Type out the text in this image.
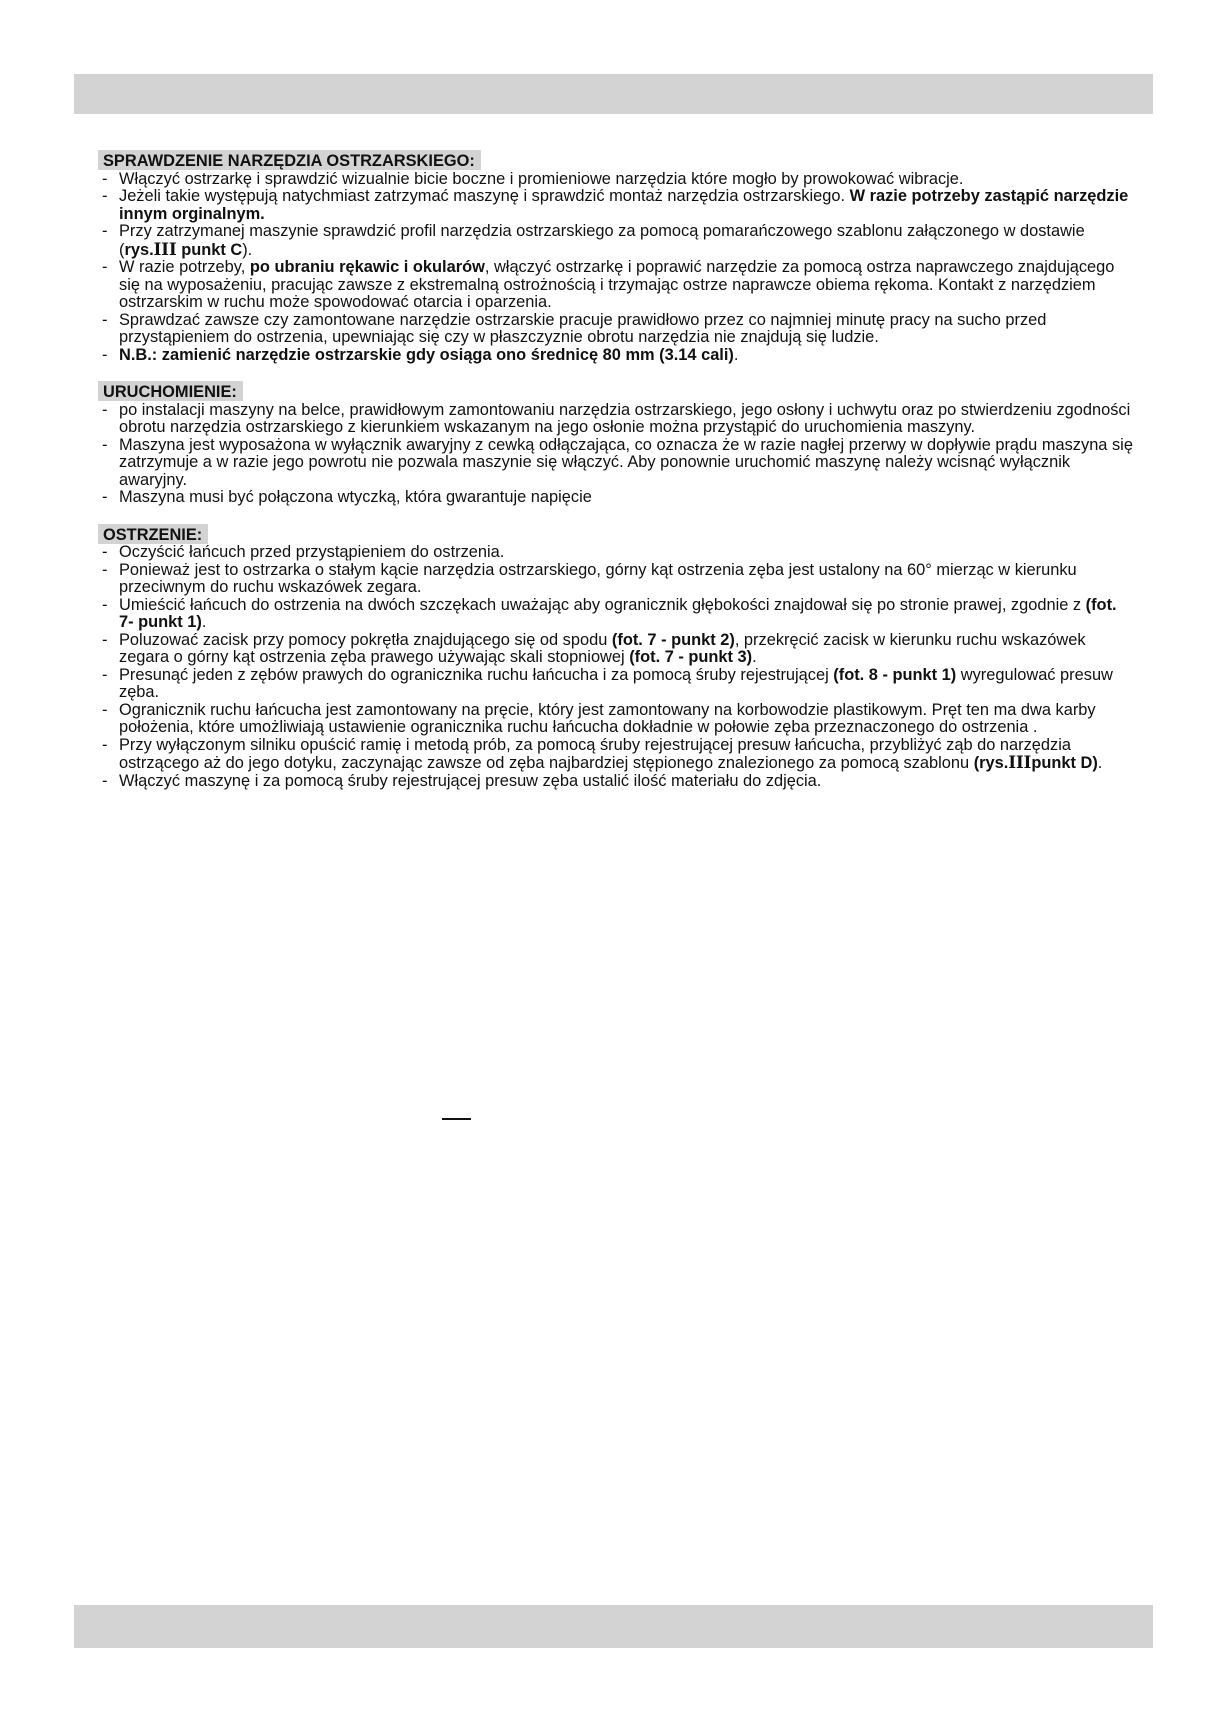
SPRAWDZENIE NARZĘDZIA OSTRZARSKIEGO:
- Włączyć ostrzarkę i sprawdzić wizualnie bicie boczne i promieniowe narzędzia które mogło by prowokować wibracje.
- Jeżeli takie występują natychmiast zatrzymać maszynę i sprawdzić montaż narzędzia ostrzarskiego. W razie potrzeby zastąpić narzędzie innym orginalnym.
- Przy zatrzymanej maszynie sprawdzić profil narzędzia ostrzarskiego za pomocą pomarańczowego szablonu załączonego w dostawie (rys.III punkt C).
- W razie potrzeby, po ubraniu rękawic i okularów, włączyć ostrzarkę i poprawić narzędzie za pomocą ostrza naprawczego znajdującego się na wyposażeniu, pracując zawsze z ekstremalną ostrożnością i trzymając ostrze naprawcze obiema rękoma. Kontakt z narzędziem ostrzarskim w ruchu może spowodować otarcia i oparzenia.
- Sprawdzać zawsze czy zamontowane narzędzie ostrzarskie pracuje prawidłowo przez co najmniej minutę pracy na sucho przed przystąpieniem do ostrzenia, upewniając się czy w płaszczyznie obrotu narzędzia nie znajdują się ludzie.
- N.B.: zamienić narzędzie ostrzarskie gdy osiąga ono średnicę 80 mm (3.14 cali).
URUCHOMIENIE:
- po instalacji maszyny na belce, prawidłowym zamontowaniu narzędzia ostrzarskiego, jego osłony i uchwytu oraz po stwierdzeniu zgodności obrotu narzędzia ostrzarskiego z kierunkiem wskazanym na jego osłonie można przystąpić do uruchomienia maszyny.
- Maszyna jest wyposażona w wyłącznik awaryjny z cewką odłączająca, co oznacza że w razie nagłej przerwy w dopływie prądu maszyna się zatrzymuje a w razie jego powrotu nie pozwala maszynie się włączyć. Aby ponownie uruchomić maszynę należy wcisnąć wyłącznik awaryjny.
- Maszyna musi być połączona wtyczką, która gwarantuje napięcie
OSTRZENIE:
- Oczyścić łańcuch przed przystąpieniem do ostrzenia.
- Ponieważ jest to ostrzarka o stałym kącie narzędzia ostrzarskiego, górny kąt ostrzenia zęba jest ustalony na 60° mierząc w kierunku przeciwnym do ruchu wskazówek zegara.
- Umieścić łańcuch do ostrzenia na dwóch szczękach uważając aby ogranicznik głębokości znajdował się po stronie prawej, zgodnie z (fot. 7- punkt 1).
- Poluzować zacisk przy pomocy pokrętła znajdującego się od spodu (fot. 7 - punkt 2), przekręcić zacisk w kierunku ruchu wskazówek zegara o górny kąt ostrzenia zęba prawego używając skali stopniowej (fot. 7 - punkt 3).
- Presunąć jeden z zębów prawych do ogranicznika ruchu łańcucha i za pomocą śruby rejestrującej (fot. 8 - punkt 1) wyregulować presuw zęba.
- Ogranicznik ruchu łańcucha jest zamontowany na pręcie, który jest zamontowany na korbowodzie plastikowym. Pręt ten ma dwa karby położenia, które umożliwiają ustawienie ogranicznika ruchu łańcucha dokładnie w połowie zęba przeznaczonego do ostrzenia .
- Przy wyłączonym silniku opuścić ramię i metodą prób, za pomocą śruby rejestrującej presuw łańcucha, przybliżyć ząb do narzędzia ostrzącego aż do jego dotyku, zaczynając zawsze od zęba najbardziej stępionego znalezionego za pomocą szablonu (rys.IIIpunkt D).
- Włączyć maszynę i za pomocą śruby rejestrującej presuw zęba ustalić ilość materiału do zdjęcia.
